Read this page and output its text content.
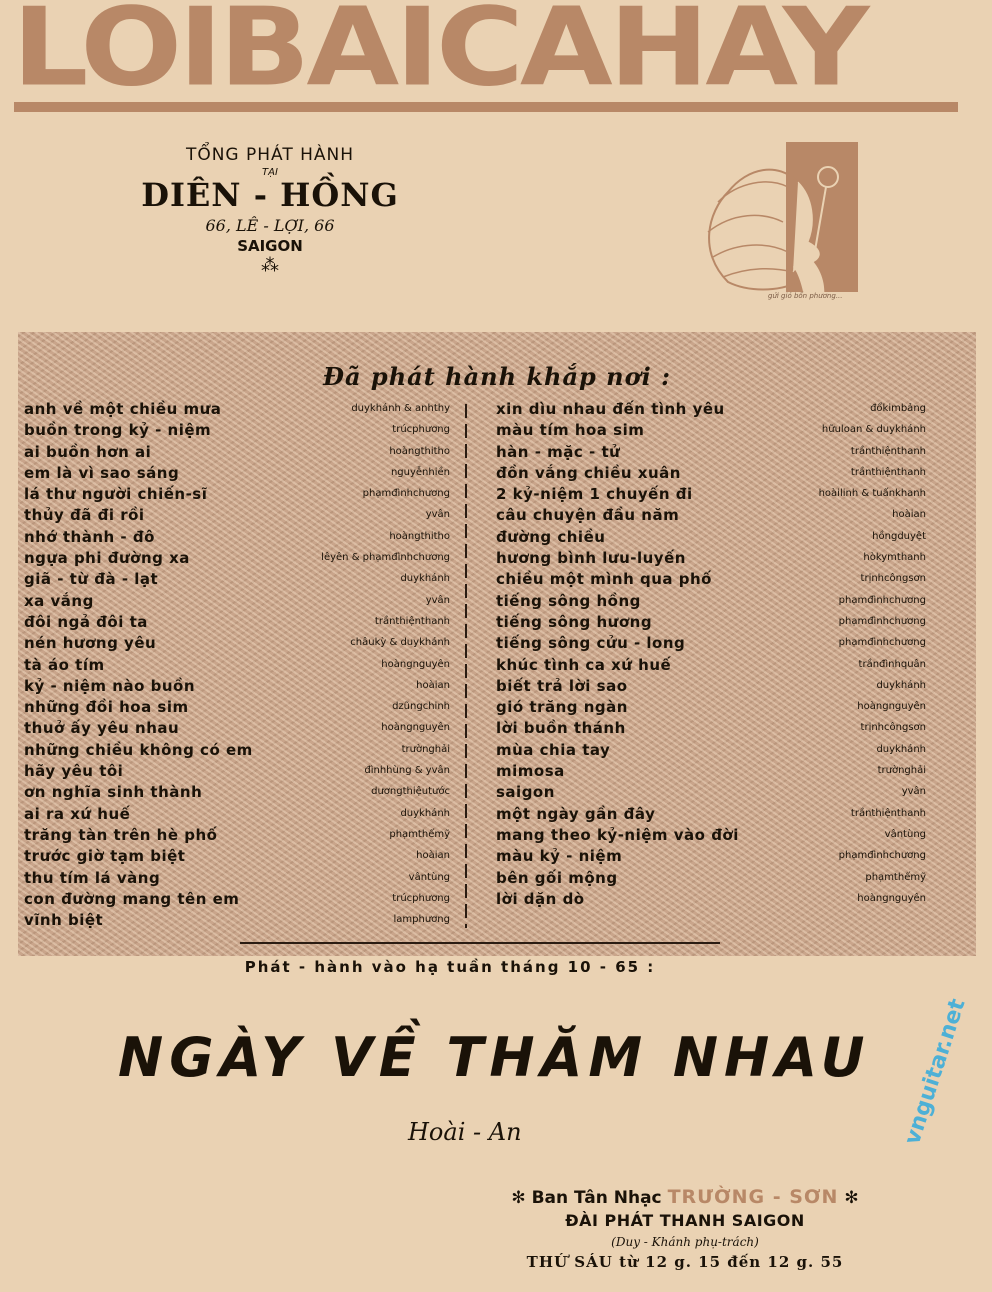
LOIBAICAHAY
TỔNG PHÁT HÀNH
TẠI
DIÊN - HỒNG
66, LÊ - LỢI, 66
SAIGON
⁂
gửi gió bốn phương...
Đã phát hành khắp nơi :
anh về một chiều mưa	duykhánh & anhthy
buồn trong kỷ - niệm	trúcphương
ai buồn hơn ai	hoàngthitho
em là vì sao sáng	nguyễnhiền
lá thư người chiến-sĩ	phạmđìnhchương
thủy đã đi rồi	yvân
nhớ thành - đô	hoàngthitho
ngựa phi đường xa	lêyên & phạmđìnhchương
giã - từ đà - lạt	duykhánh
xa vắng	yvân
đôi ngả đôi ta	trầnthiệnthanh
nén hương yêu	châukỳ & duykhánh
tà áo tím	hoàngnguyên
kỷ - niệm nào buồn	hoàian
những đồi hoa sim	dzũngchinh
thuở ấy yêu nhau	hoàngnguyên
những chiều không có em	trườnghải
hãy yêu tôi	đìnhhùng & yvân
ơn nghĩa sinh thành	dươngthiệutước
ai ra xứ huế	duykhánh
trăng tàn trên hè phố	phạmthếmỹ
trước giờ tạm biệt	hoàian
thu tím lá vàng	vântùng
con đường mang tên em	trúcphương
vĩnh biệt	lamphương
xin dìu nhau đến tình yêu	đổkimbảng
màu tím hoa sim	hữuloan & duykhánh
hàn - mặc - tử	trầnthiệnthanh
đồn vắng chiều xuân	trầnthiệnthanh
2 kỷ-niệm 1 chuyến đi	hoàilinh & tuấnkhanh
câu chuyện đầu năm	hoàian
đường chiều	hồngduyệt
hương bình lưu-luyến	hòkymthanh
chiều một mình qua phố	trịnhcôngsơn
tiếng sông hồng	phạmđìnhchương
tiếng sông hương	phạmđìnhchương
tiếng sông cửu - long	phạmđìnhchương
khúc tình ca xứ huế	trầnđìnhquân
biết trả lời sao	duykhánh
gió trăng ngàn	hoàngnguyên
lời buồn thánh	trịnhcôngsơn
mùa chia tay	duykhánh
mimosa	trườnghải
saigon	yvân
một ngày gần đây	trầnthiệnthanh
mang theo kỷ-niệm vào đời	vântùng
màu kỷ - niệm	phạmđìnhchương
bên gối mộng	phạmthếmỹ
lời dặn dò	hoàngnguyên
Phát - hành vào hạ tuần tháng 10 - 65 :
NGÀY VỀ THĂM NHAU
Hoài - An
✻ Ban Tân Nhạc TRƯỜNG - SƠN ✻
ĐÀI PHÁT THANH SAIGON
(Duy - Khánh phụ-trách)
THỨ SÁU từ 12 g. 15 đến 12 g. 55
vnguitar.net
